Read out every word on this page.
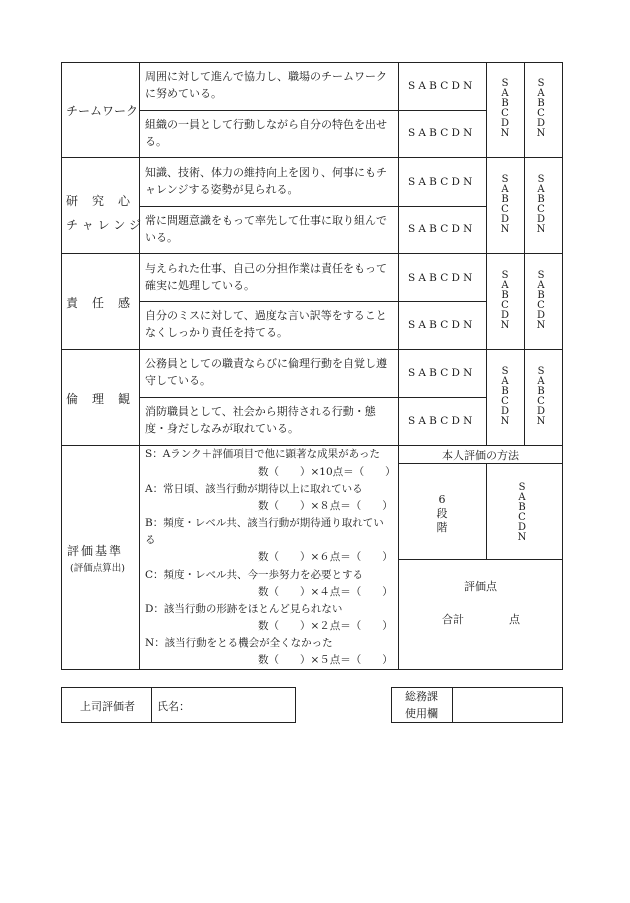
チームワーク
周囲に対して進んで協力し、職場のチームワーク
に努めている。
SABCDN
組織の一員として行動しながら自分の特色を出せ
る。
SABCDN
研　究　心
チャレンジ
知識、技術、体力の維持向上を図り、何事にもチ
ャレンジする姿勢が見られる。
SABCDN
常に問題意識をもって率先して仕事に取り組んで
いる。
SABCDN
責　任　感
与えられた仕事、自己の分担作業は責任をもって
確実に処理している。
SABCDN
自分のミスに対して、過度な言い訳等をすること
なくしっかり責任を持てる。
SABCDN
倫　理　観
公務員としての職責ならびに倫理行動を自覚し遵
守している。
SABCDN
消防職員として、社会から期待される行動・態
度・身だしなみが取れている。
SABCDN
S
A
B
C
D
N
S
A
B
C
D
N
S
A
B
C
D
N
S
A
B
C
D
N
S
A
B
C
D
N
S
A
B
C
D
N
S
A
B
C
D
N
S
A
B
C
D
N
評価基準
(評価点算出)
S：Aランク＋評価項目で他に顕著な成果があった
数（　　）×10点＝（　　）
A：常日頃、該当行動が期待以上に取れている
数（　　）×８点＝（　　）
B：頻度・レベル共、該当行動が期待通り取れてい
る
数（　　）×６点＝（　　）
C：頻度・レベル共、今一歩努力を必要とする
数（　　）×４点＝（　　）
D：該当行動の形跡をほとんど見られない
数（　　）×２点＝（　　）
N：該当行動をとる機会が全くなかった
数（　　）×５点＝（　　）
本人評価の方法
6
段
階
S
A
B
C
D
N
評価点
合計	点
上司評価者 氏名：
総務課
使用欄
